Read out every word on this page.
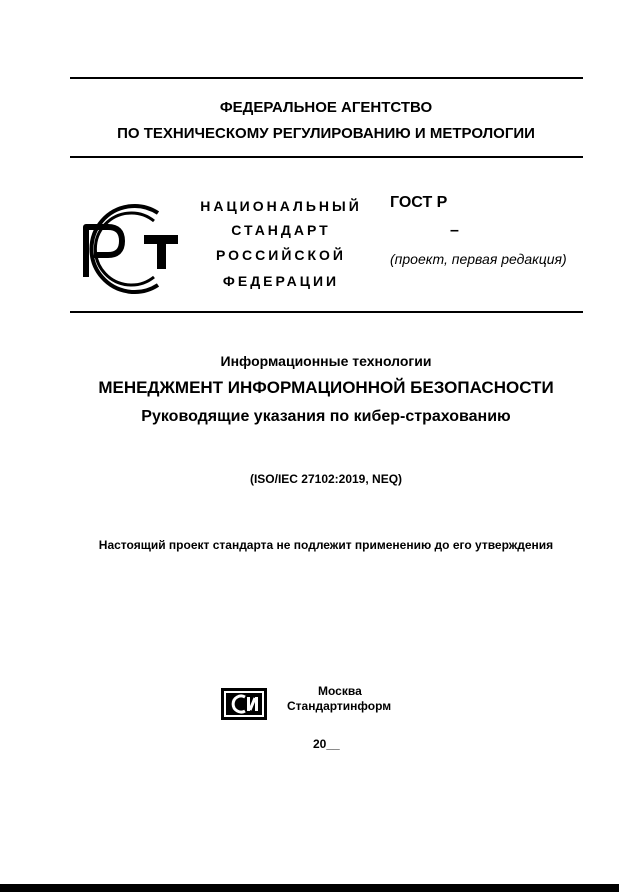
ФЕДЕРАЛЬНОЕ АГЕНТСТВО
ПО ТЕХНИЧЕСКОМУ РЕГУЛИРОВАНИЮ И МЕТРОЛОГИИ
НАЦИОНАЛЬНЫЙ
СТАНДАРТ
РОССИЙСКОЙ
ФЕДЕРАЦИИ
ГОСТ Р
–
(проект, первая редакция)
Информационные технологии
МЕНЕДЖМЕНТ ИНФОРМАЦИОННОЙ БЕЗОПАСНОСТИ
Руководящие указания по кибер-страхованию
(ISO/IEC 27102:2019, NEQ)
Настоящий проект стандарта не подлежит применению до его утверждения
Москва
Стандартинформ
20__
